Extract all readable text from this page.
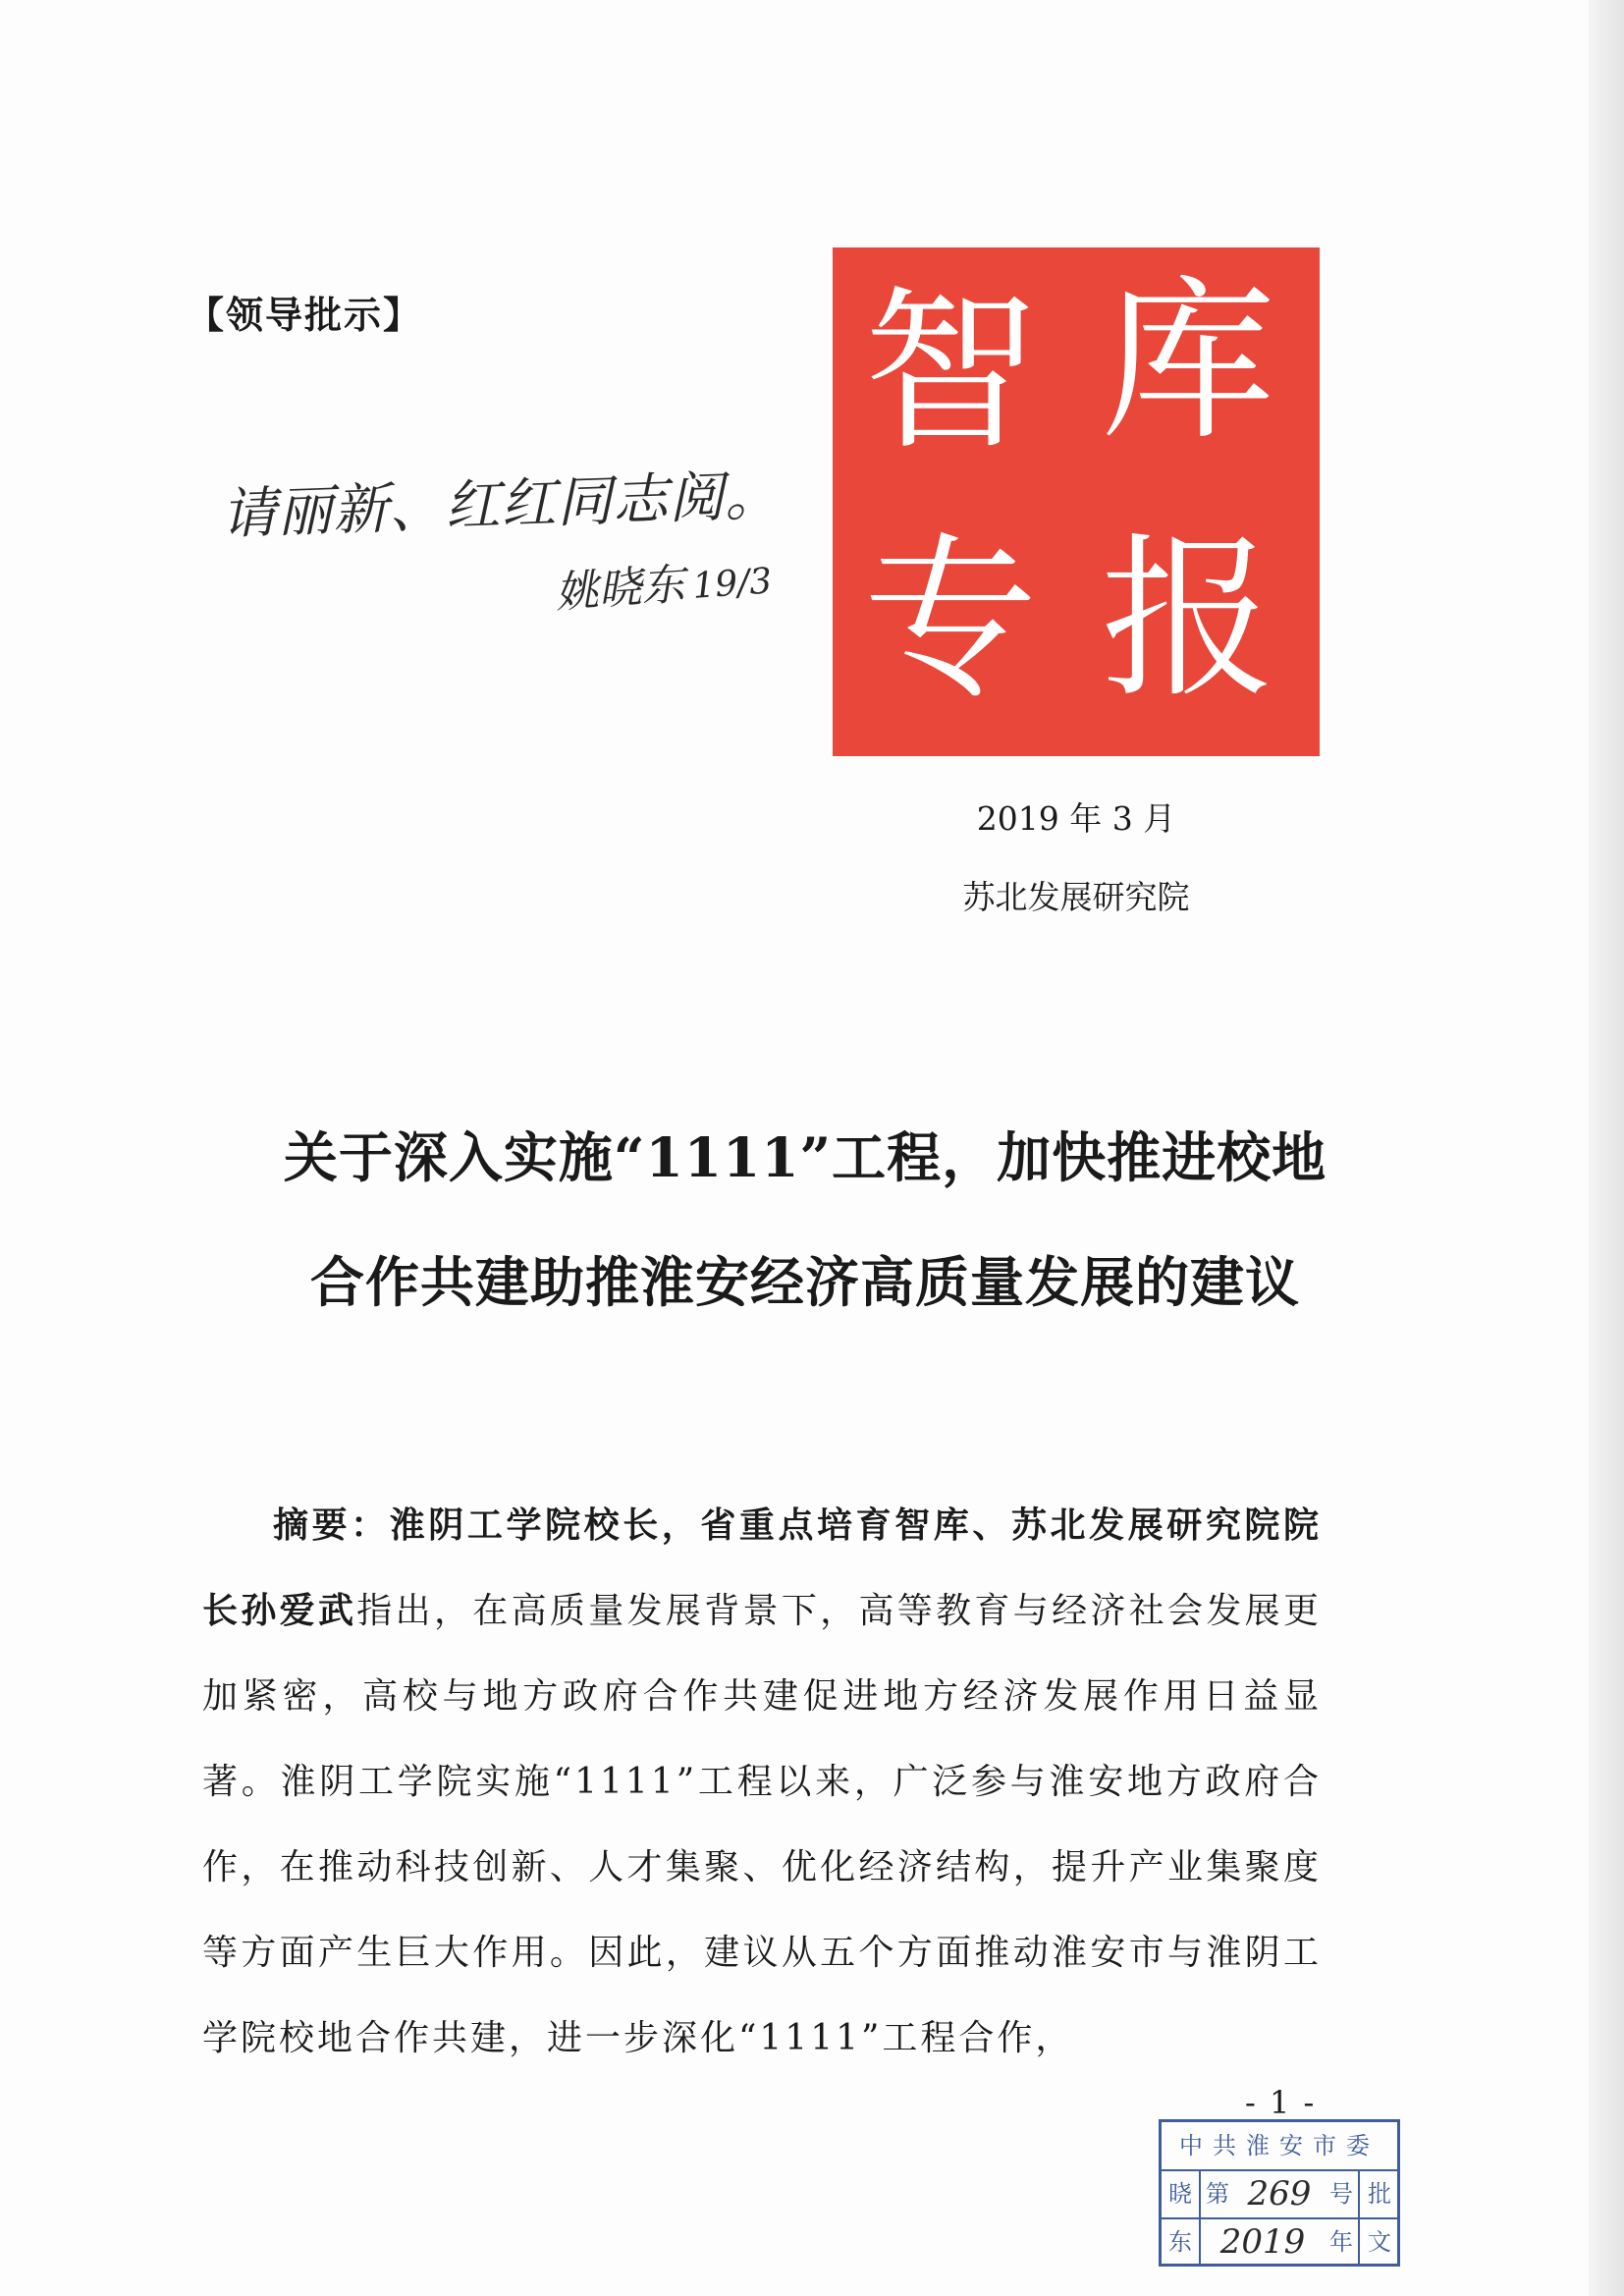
【领导批示】
请丽新、红红同志阅。
姚晓东 19/3
智 库
专 报
2019 年 3 月
苏北发展研究院
关于深入实施“1111”工程，加快推进校地
合作共建助推淮安经济高质量发展的建议
摘要：淮阴工学院校长，省重点培育智库、苏北发展研究院院长孙爱武指出，在高质量发展背景下，高等教育与经济社会发展更加紧密，高校与地方政府合作共建促进地方经济发展作用日益显著。淮阴工学院实施“1111”工程以来，广泛参与淮安地方政府合作，在推动科技创新、人才集聚、优化经济结构，提升产业集聚度等方面产生巨大作用。因此，建议从五个方面推动淮安市与淮阴工学院校地合作共建，进一步深化“1111”工程合作，
- 1 -
中共淮安市委
晓 第 269 号 批
东 2019	年 文
